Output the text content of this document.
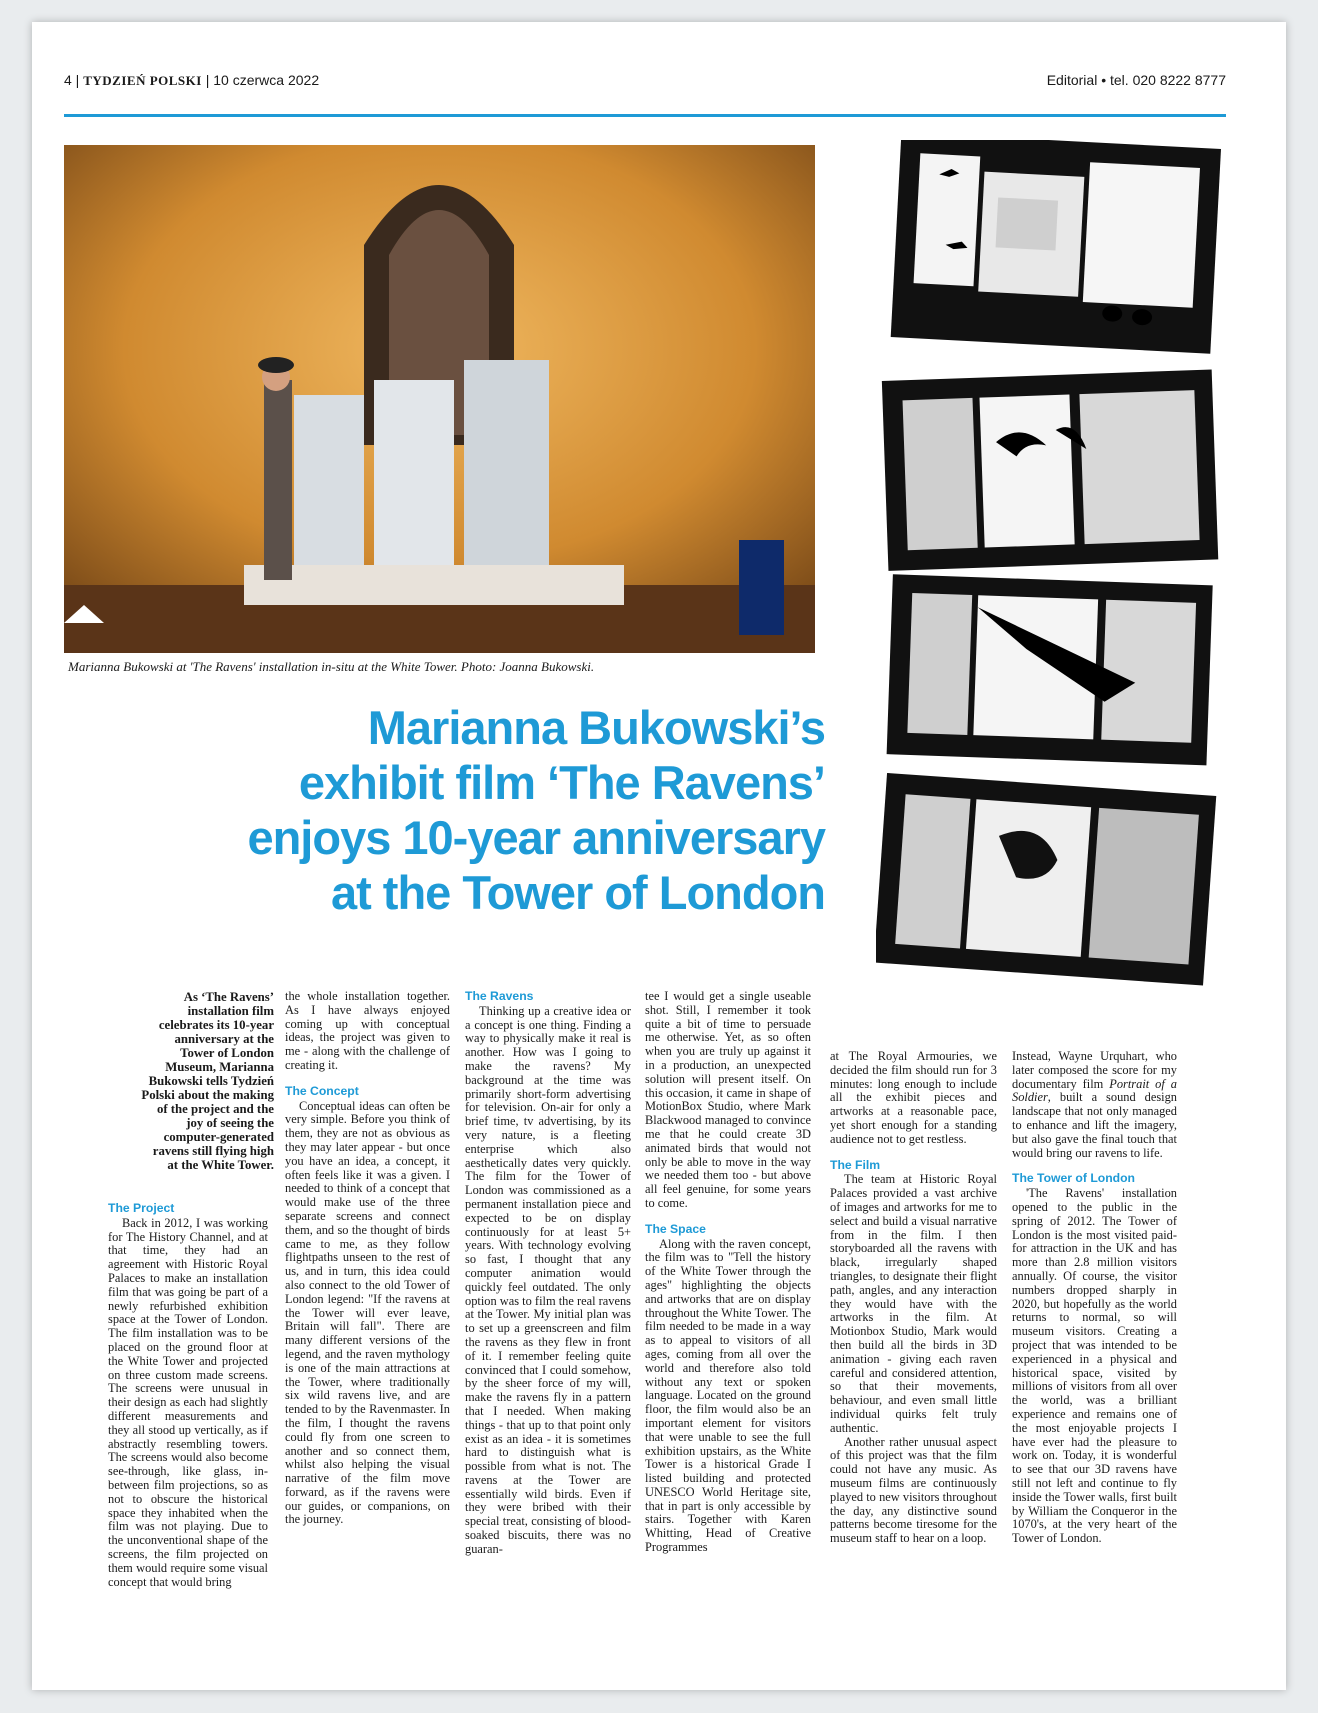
4 | TYDZIEŃ POLSKI | 10 czerwca 2022	Editorial • tel. 020 8222 8777
Marianna Bukowski at 'The Ravens' installation in-situ at the White Tower. Photo: Joanna Bukowski.
Marianna Bukowski’s
exhibit film ‘The Ravens’
enjoys 10-year anniversary
at the Tower of London
As ‘The Ravens’ installation film celebrates its 10-year anniversary at the Tower of London Museum, Marianna Bukowski tells Tydzień Polski about the making of the project and the joy of seeing the computer-generated ravens still flying high at the White Tower.
The Project

Back in 2012, I was working for The History Channel, and at that time, they had an agreement with Historic Royal Palaces to make an installation film that was going be part of a newly refurbished exhibition space at the Tower of London. The film installation was to be placed on the ground floor at the White Tower and projected on three custom made screens. The screens were unusual in their design as each had slightly different measurements and they all stood up vertically, as if abstractly resembling towers. The screens would also become see-through, like glass, in-between film projections, so as not to obscure the historical space they inhabited when the film was not playing. Due to the unconventional shape of the screens, the film projected on them would require some visual concept that would bring

the whole installation together. As I have always enjoyed coming up with conceptual ideas, the project was given to me - along with the challenge of creating it.

The Concept

Conceptual ideas can often be very simple. Before you think of them, they are not as obvious as they may later appear - but once you have an idea, a concept, it often feels like it was a given. I needed to think of a concept that would make use of the three separate screens and connect them, and so the thought of birds came to me, as they follow flightpaths unseen to the rest of us, and in turn, this idea could also connect to the old Tower of London legend: "If the ravens at the Tower will ever leave, Britain will fall". There are many different versions of the legend, and the raven mythology is one of the main attractions at the Tower, where traditionally six wild ravens live, and are tended to by the Ravenmaster. In the film, I thought the ravens could fly from one screen to another and so connect them, whilst also helping the visual narrative of the film move forward, as if the ravens were our guides, or companions, on the journey.

The Ravens

Thinking up a creative idea or a concept is one thing. Finding a way to physically make it real is another. How was I going to make the ravens? My background at the time was primarily short-form advertising for television. On-air for only a brief time, tv advertising, by its very nature, is a fleeting enterprise which also aesthetically dates very quickly. The film for the Tower of London was commissioned as a permanent installation piece and expected to be on display continuously for at least 5+ years. With technology evolving so fast, I thought that any computer animation would quickly feel outdated. The only option was to film the real ravens at the Tower. My initial plan was to set up a greenscreen and film the ravens as they flew in front of it. I remember feeling quite convinced that I could somehow, by the sheer force of my will, make the ravens fly in a pattern that I needed. When making things - that up to that point only exist as an idea - it is sometimes hard to distinguish what is possible from what is not. The ravens at the Tower are essentially wild birds. Even if they were bribed with their special treat, consisting of blood-soaked biscuits, there was no guaran-

tee I would get a single useable shot. Still, I remember it took quite a bit of time to persuade me otherwise. Yet, as so often when you are truly up against it in a production, an unexpected solution will present itself. On this occasion, it came in shape of MotionBox Studio, where Mark Blackwood managed to convince me that he could create 3D animated birds that would not only be able to move in the way we needed them too - but above all feel genuine, for some years to come.

The Space

Along with the raven concept, the film was to "Tell the history of the White Tower through the ages" highlighting the objects and artworks that are on display throughout the White Tower. The film needed to be made in a way as to appeal to visitors of all ages, coming from all over the world and therefore also told without any text or spoken language. Located on the ground floor, the film would also be an important element for visitors that were unable to see the full exhibition upstairs, as the White Tower is a historical Grade I listed building and protected UNESCO World Heritage site, that in part is only accessible by stairs. Together with Karen Whitting, Head of Creative Programmes

at The Royal Armouries, we decided the film should run for 3 minutes: long enough to include all the exhibit pieces and artworks at a reasonable pace, yet short enough for a standing audience not to get restless.

The Film

The team at Historic Royal Palaces provided a vast archive of images and artworks for me to select and build a visual narrative from in the film. I then storyboarded all the ravens with black, irregularly shaped triangles, to designate their flight path, angles, and any interaction they would have with the artworks in the film. At Motionbox Studio, Mark would then build all the birds in 3D animation - giving each raven careful and considered attention, so that their movements, behaviour, and even small little individual quirks felt truly authentic.

Another rather unusual aspect of this project was that the film could not have any music. As museum films are continuously played to new visitors throughout the day, any distinctive sound patterns become tiresome for the museum staff to hear on a loop.

Instead, Wayne Urquhart, who later composed the score for my documentary film Portrait of a Soldier, built a sound design landscape that not only managed to enhance and lift the imagery, but also gave the final touch that would bring our ravens to life.

The Tower of London

'The Ravens' installation opened to the public in the spring of 2012. The Tower of London is the most visited paid-for attraction in the UK and has more than 2.8 million visitors annually. Of course, the visitor numbers dropped sharply in 2020, but hopefully as the world returns to normal, so will museum visitors. Creating a project that was intended to be experienced in a physical and historical space, visited by millions of visitors from all over the world, was a brilliant experience and remains one of the most enjoyable projects I have ever had the pleasure to work on. Today, it is wonderful to see that our 3D ravens have still not left and continue to fly inside the Tower walls, first built by William the Conqueror in the 1070's, at the very heart of the Tower of London.
